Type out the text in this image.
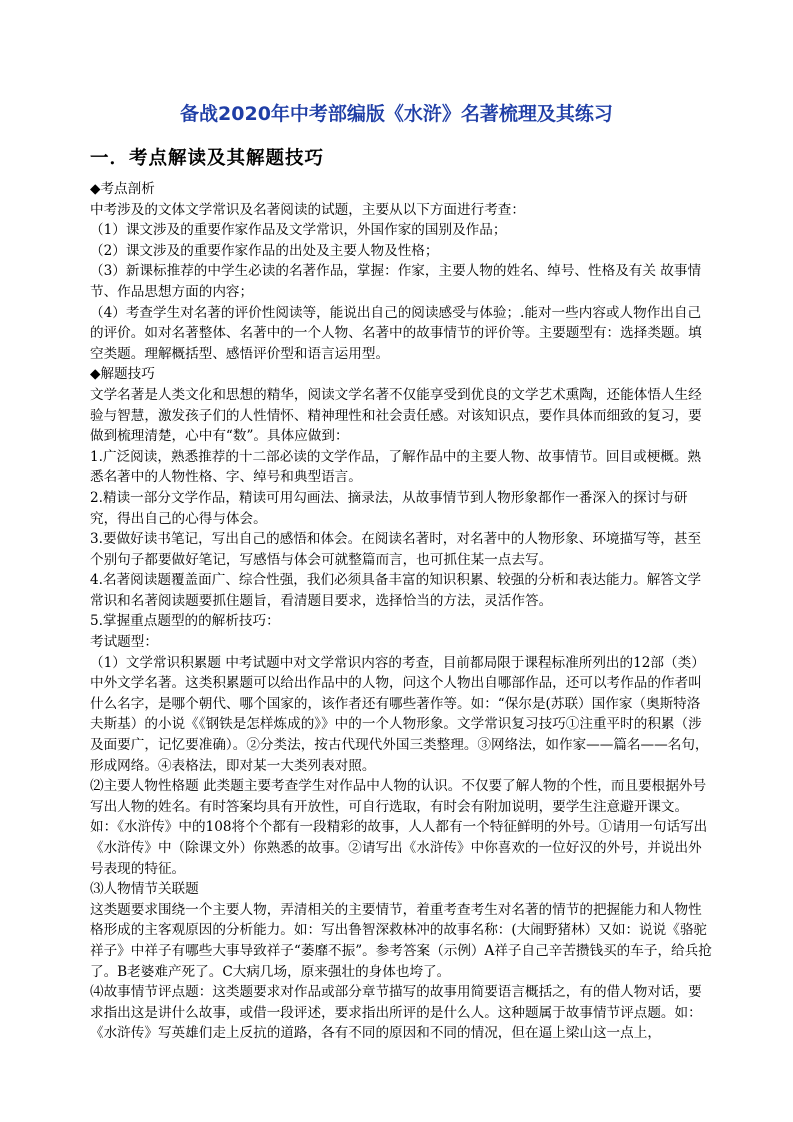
备战2020年中考部编版《水浒》名著梳理及其练习
一．考点解读及其解题技巧

◆考点剖析

中考涉及的文体文学常识及名著阅读的试题，主要从以下方面进行考查：

（1）课文涉及的重要作家作品及文学常识，外国作家的国别及作品；

（2）课文涉及的重要作家作品的出处及主要人物及性格；

（3）新课标推荐的中学生必读的名著作品，掌握：作家，主要人物的姓名、绰号、性格及有关 故事情节、作品思想方面的内容；

（4）考查学生对名著的评价性阅读等，能说出自己的阅读感受与体验；.能对一些内容或人物作出自己的评价。如对名著整体、名著中的一个人物、名著中的故事情节的评价等。主要题型有：选择类题。填空类题。理解概括型、感悟评价型和语言运用型。

◆解题技巧

文学名著是人类文化和思想的精华，阅读文学名著不仅能享受到优良的文学艺术熏陶，还能体悟人生经验与智慧，激发孩子们的人性情怀、精神理性和社会责任感。对该知识点，要作具体而细致的复习，要做到梳理清楚，心中有“数”。具体应做到：

1.广泛阅读，熟悉推荐的十二部必读的文学作品，了解作品中的主要人物、故事情节。回目或梗概。熟悉名著中的人物性格、字、绰号和典型语言。

2.精读一部分文学作品，精读可用勾画法、摘录法，从故事情节到人物形象都作一番深入的探讨与研究，得出自己的心得与体会。

3.要做好读书笔记，写出自己的感悟和体会。在阅读名著时，对名著中的人物形象、环境描写等，甚至个别句子都要做好笔记，写感悟与体会可就整篇而言，也可抓住某一点去写。

4.名著阅读题覆盖面广、综合性强，我们必须具备丰富的知识积累、较强的分析和表达能力。解答文学常识和名著阅读题要抓住题旨，看清题目要求，选择恰当的方法，灵活作答。

5.掌握重点题型的的解析技巧：

考试题型：

（1）文学常识积累题 中考试题中对文学常识内容的考查，目前都局限于课程标准所列出的12部（类）中外文学名著。这类积累题可以给出作品中的人物，问这个人物出自哪部作品，还可以考作品的作者叫什么名字，是哪个朝代、哪个国家的，该作者还有哪些著作等。如：“保尔是(苏联）国作家（奥斯特洛夫斯基）的小说《《钢铁是怎样炼成的》》中的一个人物形象。文学常识复习技巧①注重平时的积累（涉及面要广，记忆要准确）。②分类法，按古代现代外国三类整理。③网络法，如作家——篇名——名句，形成网络。④表格法，即对某一大类列表对照。

⑵主要人物性格题 此类题主要考查学生对作品中人物的认识。不仅要了解人物的个性，而且要根据外号写出人物的姓名。有时答案均具有开放性，可自行选取，有时会有附加说明，要学生注意避开课文。 如：《水浒传》中的108将个个都有一段精彩的故事，人人都有一个特征鲜明的外号。①请用一句话写出《水浒传》中（除课文外）你熟悉的故事。②请写出《水浒传》中你喜欢的一位好汉的外号，并说出外号表现的特征。

⑶人物情节关联题

这类题要求围绕一个主要人物，弄清相关的主要情节，着重考查考生对名著的情节的把握能力和人物性格形成的主客观原因的分析能力。如：写出鲁智深救林冲的故事名称：(大闹野猪林）又如：说说《骆驼祥子》中祥子有哪些大事导致祥子“萎靡不振”。参考答案（示例）A祥子自己辛苦攒钱买的车子，给兵抢了。B老婆难产死了。C大病几场，原来强壮的身体也垮了。

⑷故事情节评点题：这类题要求对作品或部分章节描写的故事用简要语言概括之，有的借人物对话，要求指出这是讲什么故事，或借一段评述，要求指出所评的是什么人。这种题属于故事情节评点题。如：《水浒传》写英雄们走上反抗的道路，各有不同的原因和不同的情况，但在逼上梁山这一点上，
